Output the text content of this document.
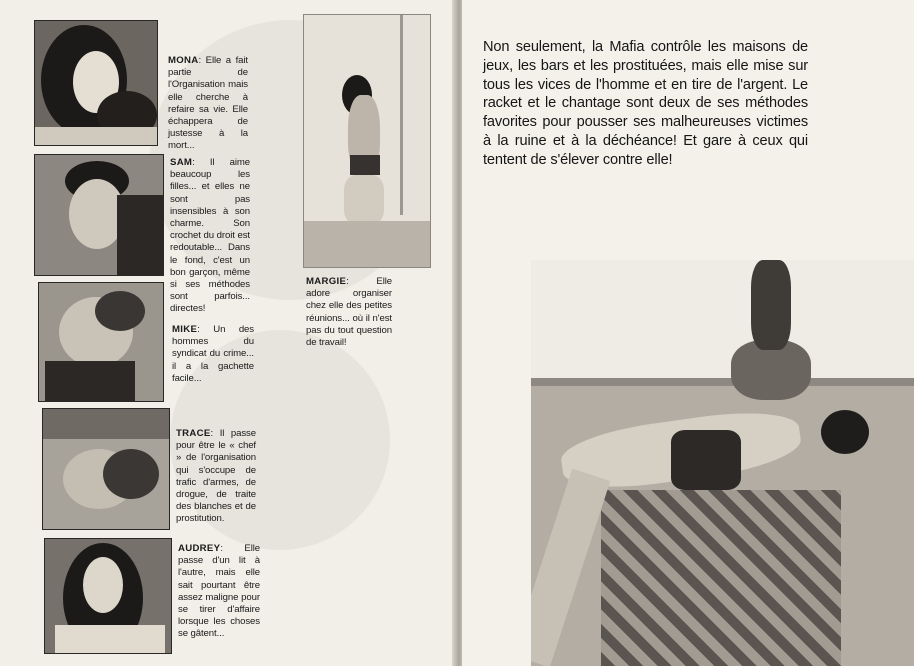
MONA: Elle a fait partie de l'Organisation mais elle cherche à refaire sa vie. Elle échappera de justesse à la mort...
SAM: Il aime beaucoup les filles... et elles ne sont pas insensibles à son charme. Son crochet du droit est redoutable... Dans le fond, c'est un bon garçon, même si ses méthodes sont parfois... directes!
MIKE: Un des hommes du syndicat du crime... il a la gachette facile...
TRACE: Il passe pour être le « chef » de l'organisation qui s'occupe de trafic d'armes, de drogue, de traite des blanches et de prostitution.
AUDREY: Elle passe d'un lit à l'autre, mais elle sait pourtant être assez maligne pour se tirer d'affaire lorsque les choses se gâtent...
MARGIE: Elle adore organiser chez elle des petites réunions... où il n'est pas du tout question de travail!
Non seulement, la Mafia contrôle les maisons de jeux, les bars et les prostituées, mais elle mise sur tous les vices de l'homme et en tire de l'argent. Le racket et le chantage sont deux de ses méthodes favorites pour pousser ses malheureuses victimes à la ruine et à la déchéance! Et gare à ceux qui tentent de s'élever contre elle!
